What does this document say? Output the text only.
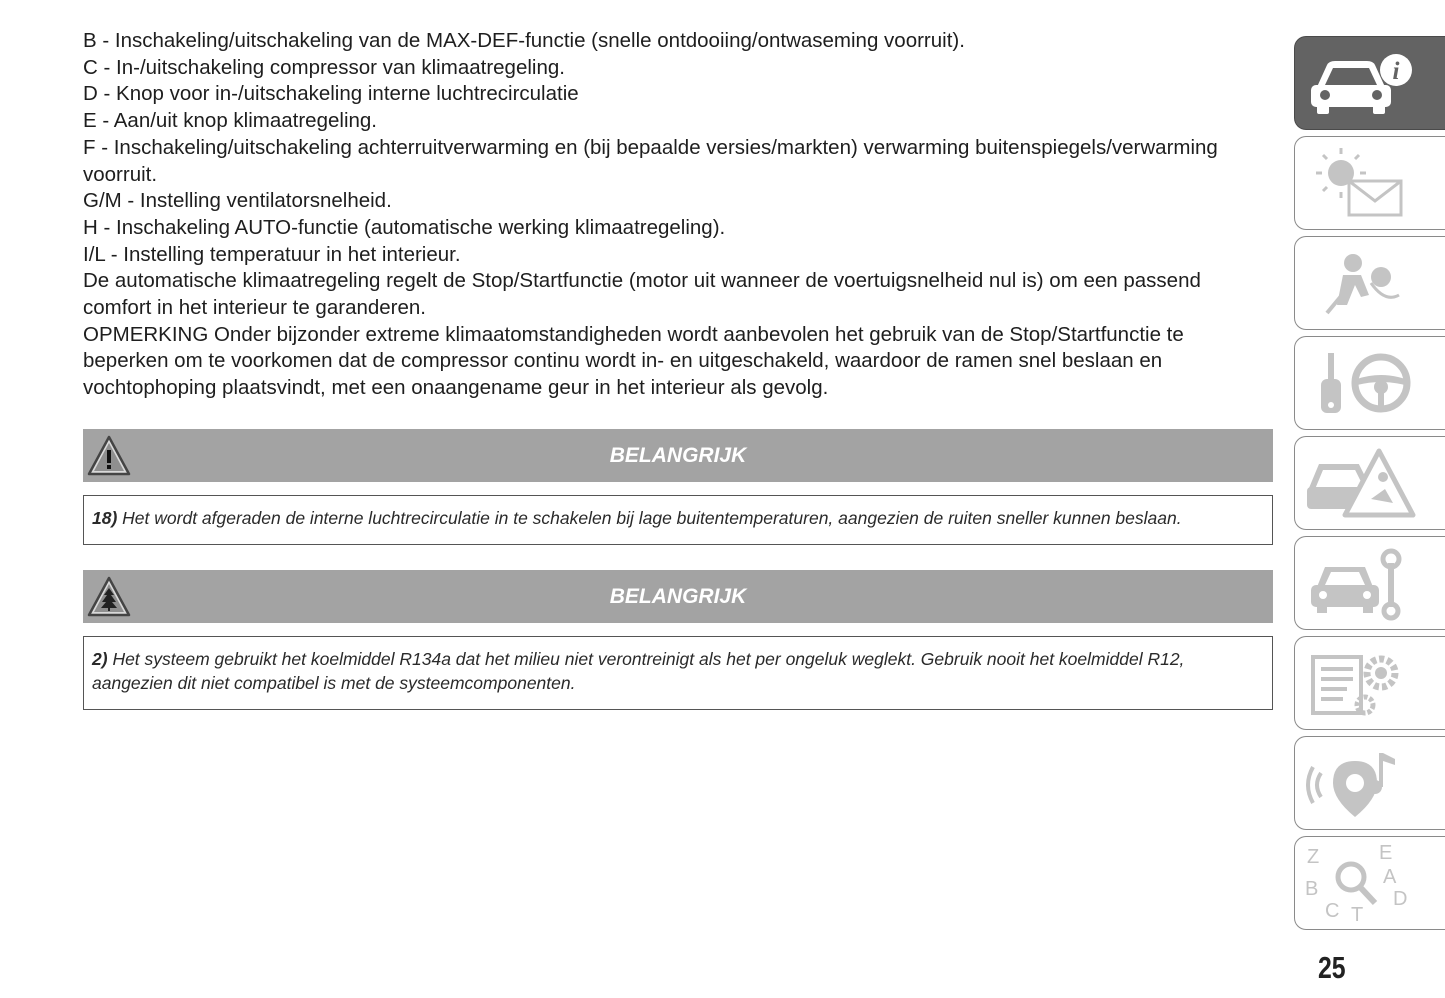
B - Inschakeling/uitschakeling van de MAX-DEF-functie (snelle ontdooiing/ontwaseming voorruit).

C - In-/uitschakeling compressor van klimaatregeling.

D - Knop voor in-/uitschakeling interne luchtrecirculatie

E - Aan/uit knop klimaatregeling.

F - Inschakeling/uitschakeling achterruitverwarming en (bij bepaalde versies/markten) verwarming buitenspiegels/verwarming voorruit.

G/M - Instelling ventilatorsnelheid.

H - Inschakeling AUTO-functie (automatische werking klimaatregeling).

I/L - Instelling temperatuur in het interieur.

De automatische klimaatregeling regelt de Stop/Startfunctie (motor uit wanneer de voertuigsnelheid nul is) om een passend comfort in het interieur te garanderen.

OPMERKING Onder bijzonder extreme klimaatomstandigheden wordt aanbevolen het gebruik van de Stop/Startfunctie te beperken om te voorkomen dat de compressor continu wordt in- en uitgeschakeld, waardoor de ramen snel beslaan en vochtophoping plaatsvindt, met een onaangename geur in het interieur als gevolg.

BELANGRIJK
18) Het wordt afgeraden de interne luchtrecirculatie in te schakelen bij lage buitentemperaturen, aangezien de ruiten sneller kunnen beslaan.
BELANGRIJK
2) Het systeem gebruikt het koelmiddel R134a dat het milieu niet verontreinigt als het per ongeluk weglekt. Gebruik nooit het koelmiddel R12, aangezien dit niet compatibel is met de systeemcomponenten.
i
Z	E
A
B
C T
D
25
